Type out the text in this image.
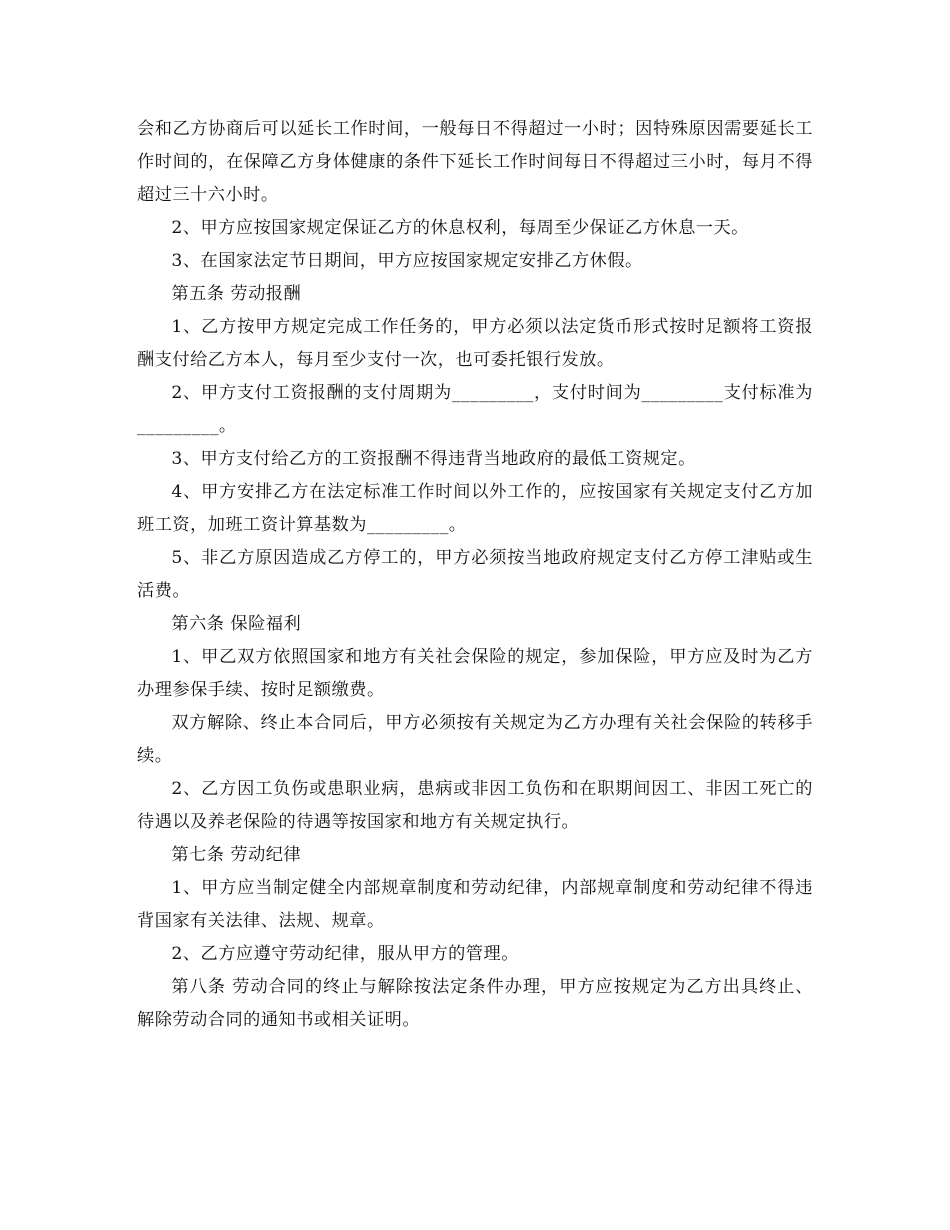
会和乙方协商后可以延长工作时间，一般每日不得超过一小时；因特殊原因需要延长工作时间的，在保障乙方身体健康的条件下延长工作时间每日不得超过三小时，每月不得超过三十六小时。

2、甲方应按国家规定保证乙方的休息权利，每周至少保证乙方休息一天。

3、在国家法定节日期间，甲方应按国家规定安排乙方休假。

第五条 劳动报酬

1、乙方按甲方规定完成工作任务的，甲方必须以法定货币形式按时足额将工资报酬支付给乙方本人，每月至少支付一次，也可委托银行发放。

2、甲方支付工资报酬的支付周期为_________，支付时间为_________支付标准为_________。

3、甲方支付给乙方的工资报酬不得违背当地政府的最低工资规定。

4、甲方安排乙方在法定标准工作时间以外工作的，应按国家有关规定支付乙方加班工资，加班工资计算基数为_________。

5、非乙方原因造成乙方停工的，甲方必须按当地政府规定支付乙方停工津贴或生活费。

第六条 保险福利

1、甲乙双方依照国家和地方有关社会保险的规定，参加保险，甲方应及时为乙方办理参保手续、按时足额缴费。

双方解除、终止本合同后，甲方必须按有关规定为乙方办理有关社会保险的转移手续。

2、乙方因工负伤或患职业病，患病或非因工负伤和在职期间因工、非因工死亡的待遇以及养老保险的待遇等按国家和地方有关规定执行。

第七条 劳动纪律

1、甲方应当制定健全内部规章制度和劳动纪律，内部规章制度和劳动纪律不得违背国家有关法律、法规、规章。

2、乙方应遵守劳动纪律，服从甲方的管理。

第八条 劳动合同的终止与解除按法定条件办理，甲方应按规定为乙方出具终止、解除劳动合同的通知书或相关证明。
